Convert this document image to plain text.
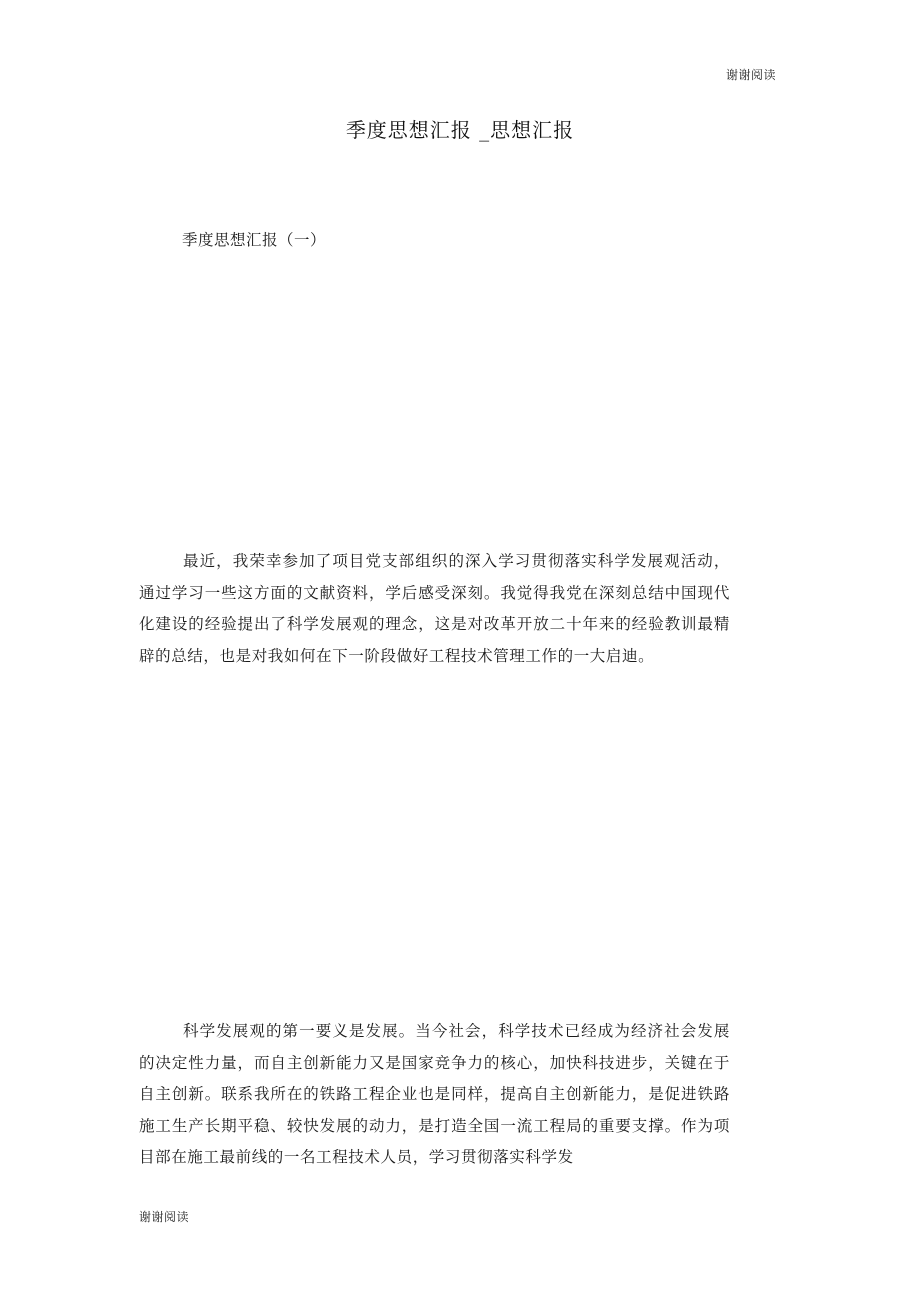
谢谢阅读
季度思想汇报 _思想汇报
季度思想汇报（一）

最近，我荣幸参加了项目党支部组织的深入学习贯彻落实科学发展观活动，通过学习一些这方面的文献资料，学后感受深刻。我觉得我党在深刻总结中国现代化建设的经验提出了科学发展观的理念，这是对改革开放二十年来的经验教训最精辟的总结，也是对我如何在下一阶段做好工程技术管理工作的一大启迪。

科学发展观的第一要义是发展。当今社会，科学技术已经成为经济社会发展的决定性力量，而自主创新能力又是国家竞争力的核心，加快科技进步，关键在于自主创新。联系我所在的铁路工程企业也是同样，提高自主创新能力，是促进铁路施工生产长期平稳、较快发展的动力，是打造全国一流工程局的重要支撑。作为项目部在施工最前线的一名工程技术人员，学习贯彻落实科学发

谢谢阅读
